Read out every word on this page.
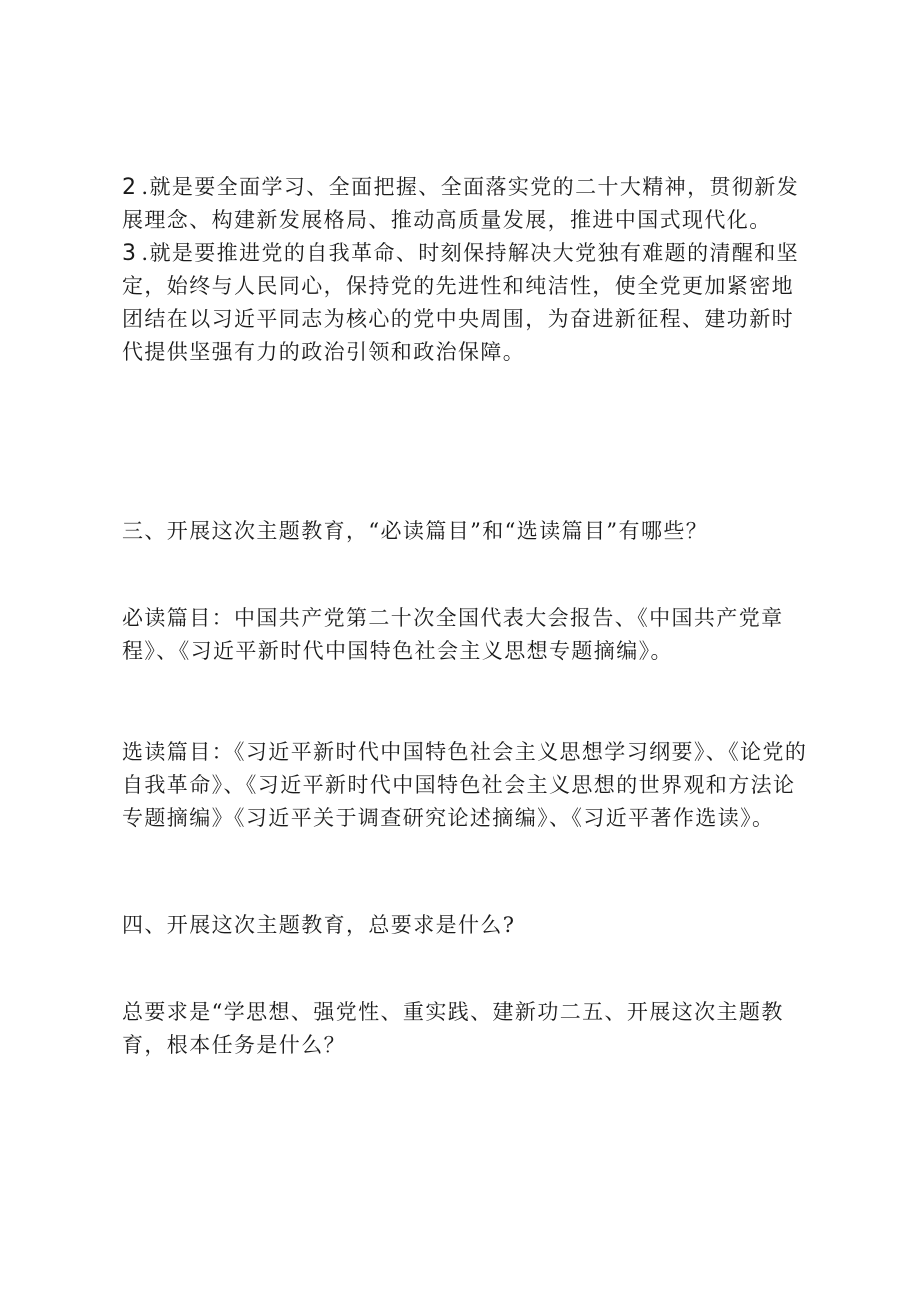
2 .就是要全面学习、全面把握、全面落实党的二十大精神，贯彻新发展理念、构建新发展格局、推动高质量发展，推进中国式现代化。

3 .就是要推进党的自我革命、时刻保持解决大党独有难题的清醒和坚定，始终与人民同心，保持党的先进性和纯洁性，使全党更加紧密地团结在以习近平同志为核心的党中央周围，为奋进新征程、建功新时代提供坚强有力的政治引领和政治保障。

三、开展这次主题教育，“必读篇目”和“选读篇目”有哪些？

必读篇目：中国共产党第二十次全国代表大会报告、《中国共产党章程》、《习近平新时代中国特色社会主义思想专题摘编》。

选读篇目：《习近平新时代中国特色社会主义思想学习纲要》、《论党的自我革命》、《习近平新时代中国特色社会主义思想的世界观和方法论专题摘编》《习近平关于调查研究论述摘编》、《习近平著作选读》。

四、开展这次主题教育，总要求是什么?

总要求是“学思想、强党性、重实践、建新功二五、开展这次主题教育，根本任务是什么？
